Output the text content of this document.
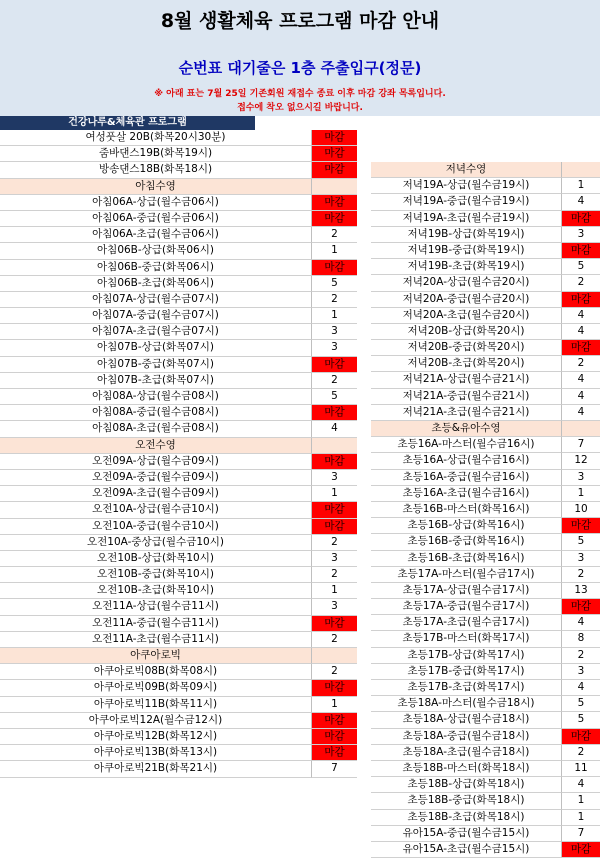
8월 생활체육 프로그램 마감 안내
순번표 대기줄은 1층 주출입구(정문)
※ 아래 표는 7월 25일 기존회원 재접수 종료 이후 마감 강좌 목록입니다.
접수에 착오 없으시길 바랍니다.
건강나루&체육관 프로그램
여성풋살 20B(화목20시30분)	마감
줌바댄스19B(화목19시)	마감
방송댄스18B(화목18시)	마감
아침수영
아침06A-상급(월수금06시)	마감
아침06A-중급(월수금06시)	마감
아침06A-초급(월수금06시)	2
아침06B-상급(화목06시)	1
아침06B-중급(화목06시)	마감
아침06B-초급(화목06시)	5
아침07A-상급(월수금07시)	2
아침07A-중급(월수금07시)	1
아침07A-초급(월수금07시)	3
아침07B-상급(화목07시)	3
아침07B-중급(화목07시)	마감
아침07B-초급(화목07시)	2
아침08A-상급(월수금08시)	5
아침08A-중급(월수금08시)	마감
아침08A-초급(월수금08시)	4
오전수영
오전09A-상급(월수금09시)	마감
오전09A-중급(월수금09시)	3
오전09A-초급(월수금09시)	1
오전10A-상급(월수금10시)	마감
오전10A-중급(월수금10시)	마감
오전10A-중상급(월수금10시)	2
오전10B-상급(화목10시)	3
오전10B-중급(화목10시)	2
오전10B-초급(화목10시)	1
오전11A-상급(월수금11시)	3
오전11A-중급(월수금11시)	마감
오전11A-초급(월수금11시)	2
아쿠아로빅
아쿠아로빅08B(화목08시)	2
아쿠아로빅09B(화목09시)	마감
아쿠아로빅11B(화목11시)	1
아쿠아로빅12A(월수금12시)	마감
아쿠아로빅12B(화목12시)	마감
아쿠아로빅13B(화목13시)	마감
아쿠아로빅21B(화목21시)	7
저녁수영
저녁19A-상급(월수금19시)	1
저녁19A-중급(월수금19시)	4
저녁19A-초급(월수금19시)	마감
저녁19B-상급(화목19시)	3
저녁19B-중급(화목19시)	마감
저녁19B-초급(화목19시)	5
저녁20A-상급(월수금20시)	2
저녁20A-중급(월수금20시)	마감
저녁20A-초급(월수금20시)	4
저녁20B-상급(화목20시)	4
저녁20B-중급(화목20시)	마감
저녁20B-초급(화목20시)	2
저녁21A-상급(월수금21시)	4
저녁21A-중급(월수금21시)	4
저녁21A-초급(월수금21시)	4
초등&유아수영
초등16A-마스터(월수금16시)	7
초등16A-상급(월수금16시)	12
초등16A-중급(월수금16시)	3
초등16A-초급(월수금16시)	1
초등16B-마스터(화목16시)	10
초등16B-상급(화목16시)	마감
초등16B-중급(화목16시)	5
초등16B-초급(화목16시)	3
초등17A-마스터(월수금17시)	2
초등17A-상급(월수금17시)	13
초등17A-중급(월수금17시)	마감
초등17A-초급(월수금17시)	4
초등17B-마스터(화목17시)	8
초등17B-상급(화목17시)	2
초등17B-중급(화목17시)	3
초등17B-초급(화목17시)	4
초등18A-마스터(월수금18시)	5
초등18A-상급(월수금18시)	5
초등18A-중급(월수금18시)	마감
초등18A-초급(월수금18시)	2
초등18B-마스터(화목18시)	11
초등18B-상급(화목18시)	4
초등18B-중급(화목18시)	1
초등18B-초급(화목18시)	1
유아15A-중급(월수금15시)	7
유아15A-초급(월수금15시)	마감
